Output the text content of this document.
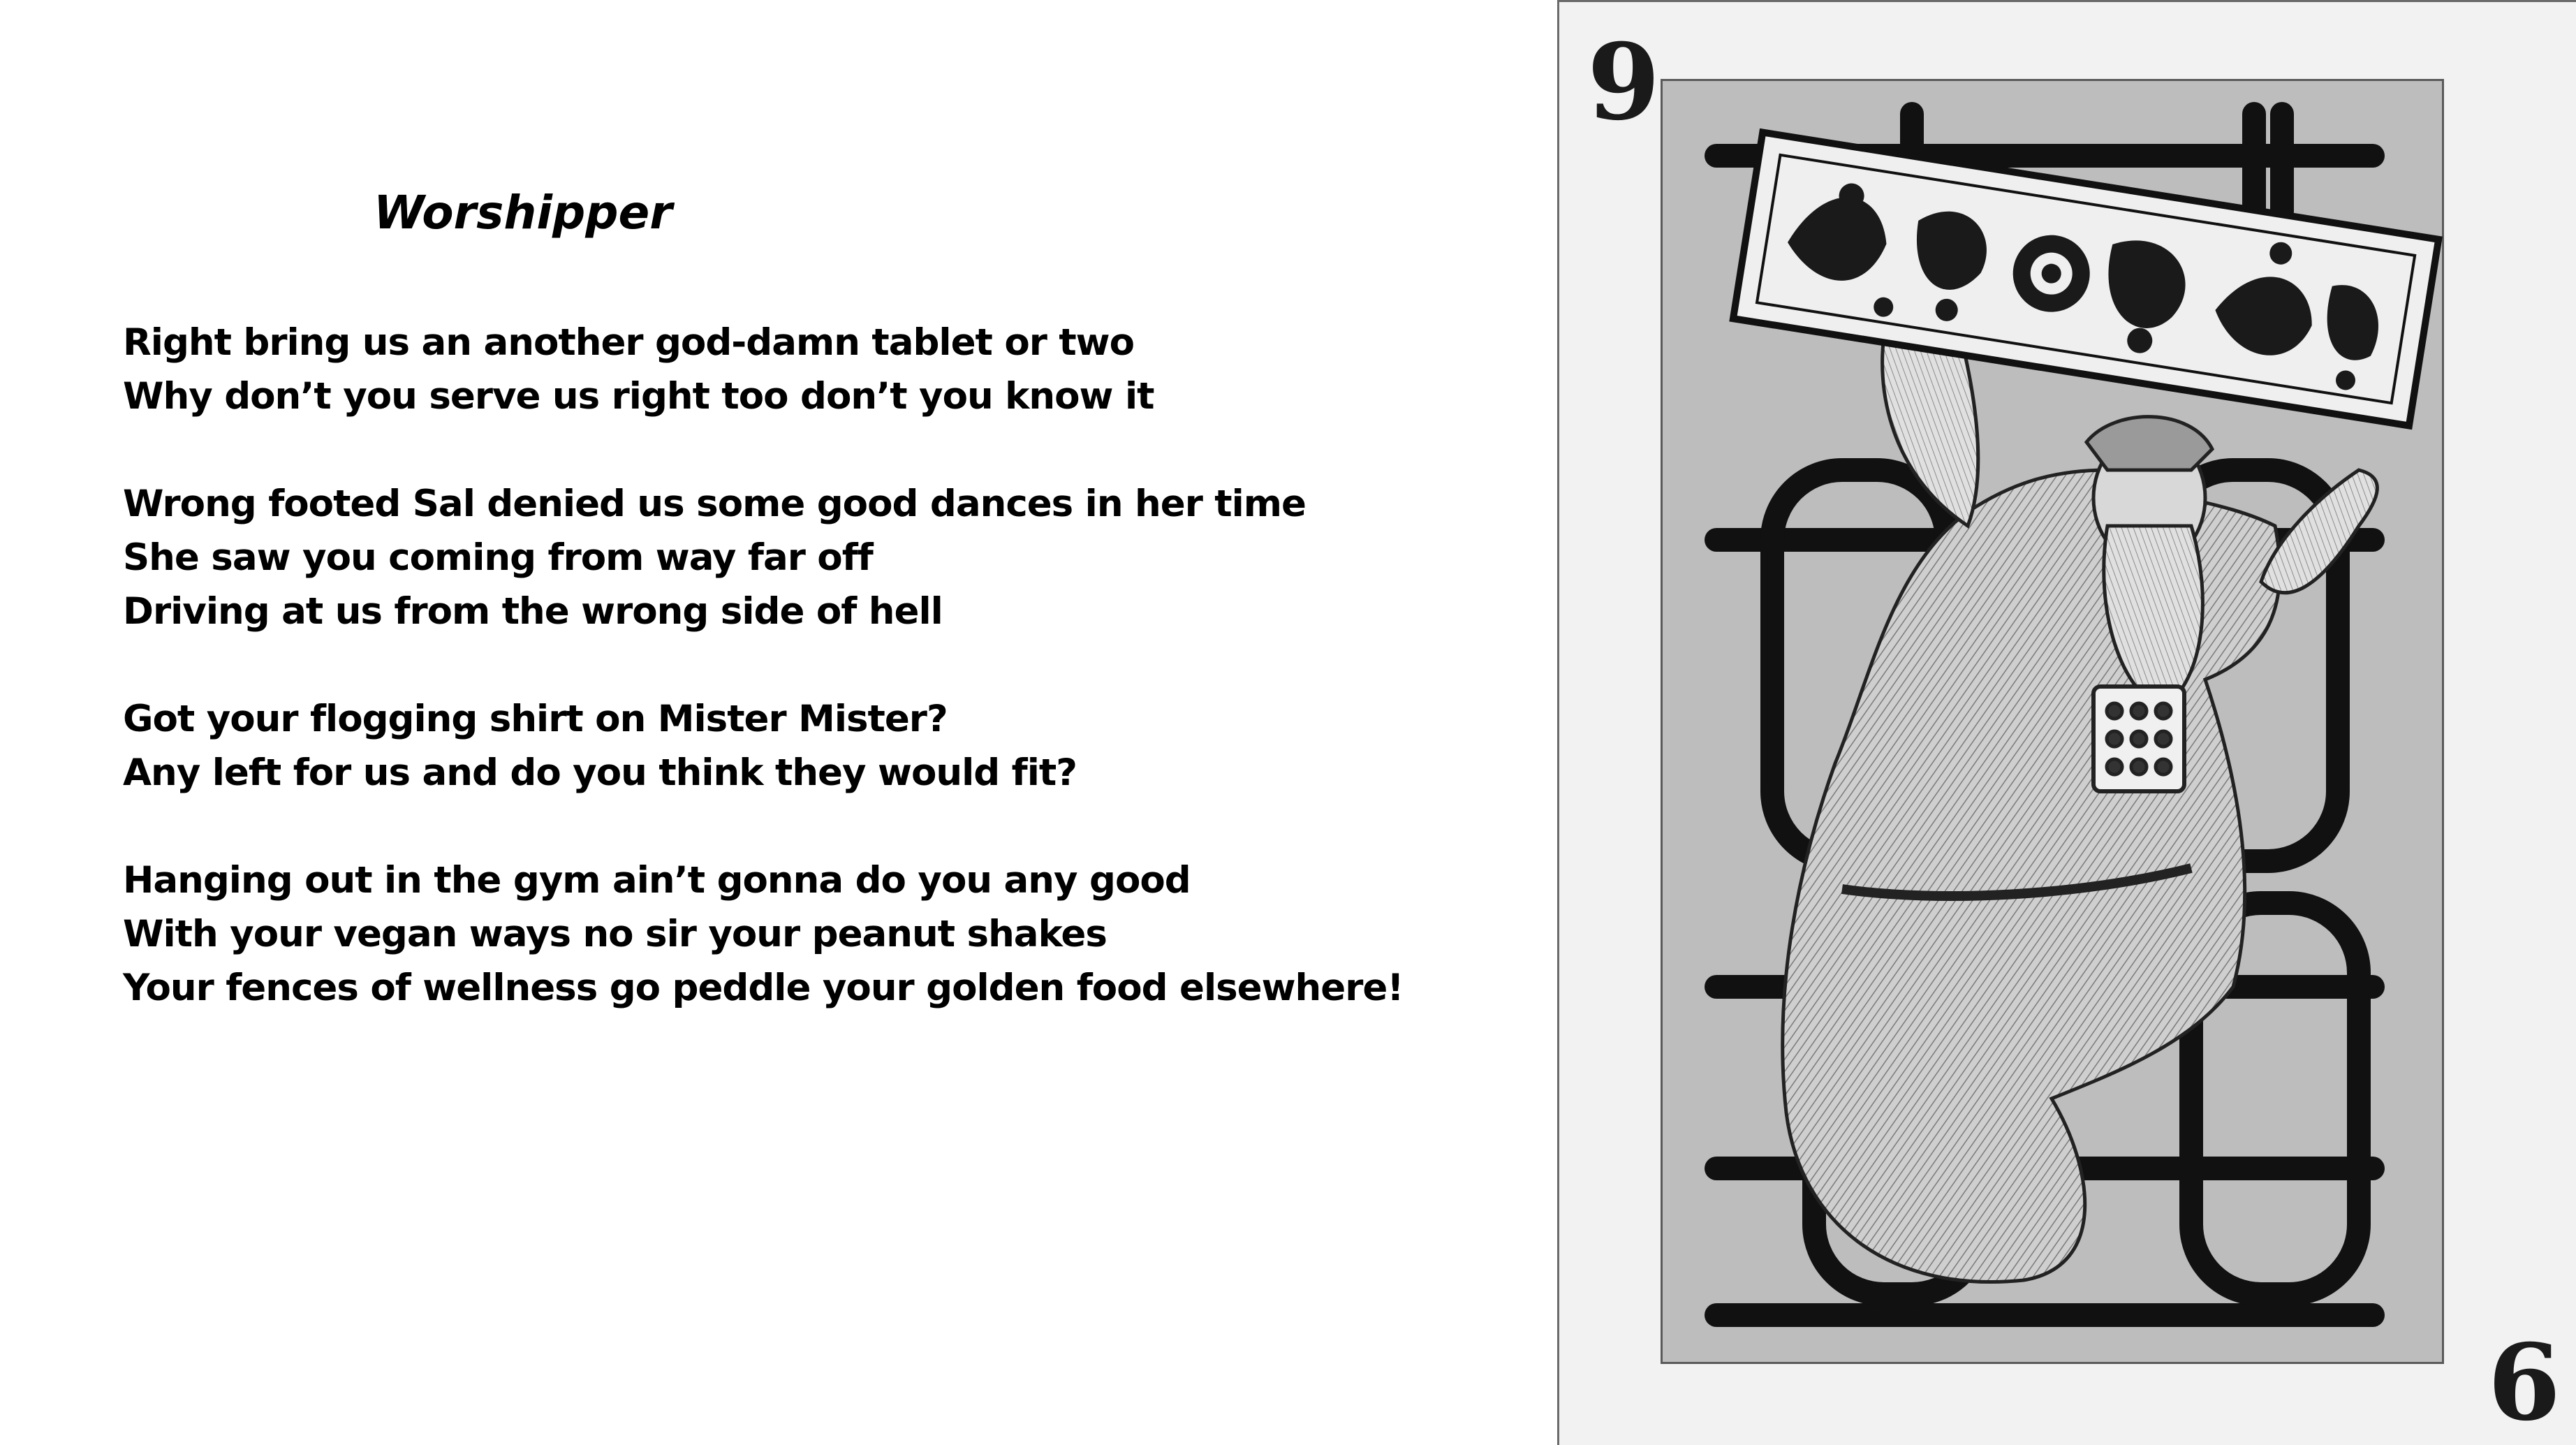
Worshipper
Right bring us an another god-damn tablet or two
Why don’t you serve us right too don’t you know it
Wrong footed Sal denied us some good dances in her time
She saw you coming from way far off
Driving at us from the wrong side of hell
Got your flogging shirt on Mister Mister?
Any left for us and do you think they would fit?
Hanging out in the gym ain’t gonna do you any good
With your vegan ways no sir your peanut shakes
Your fences of wellness go peddle your golden food elsewhere!
9
6
